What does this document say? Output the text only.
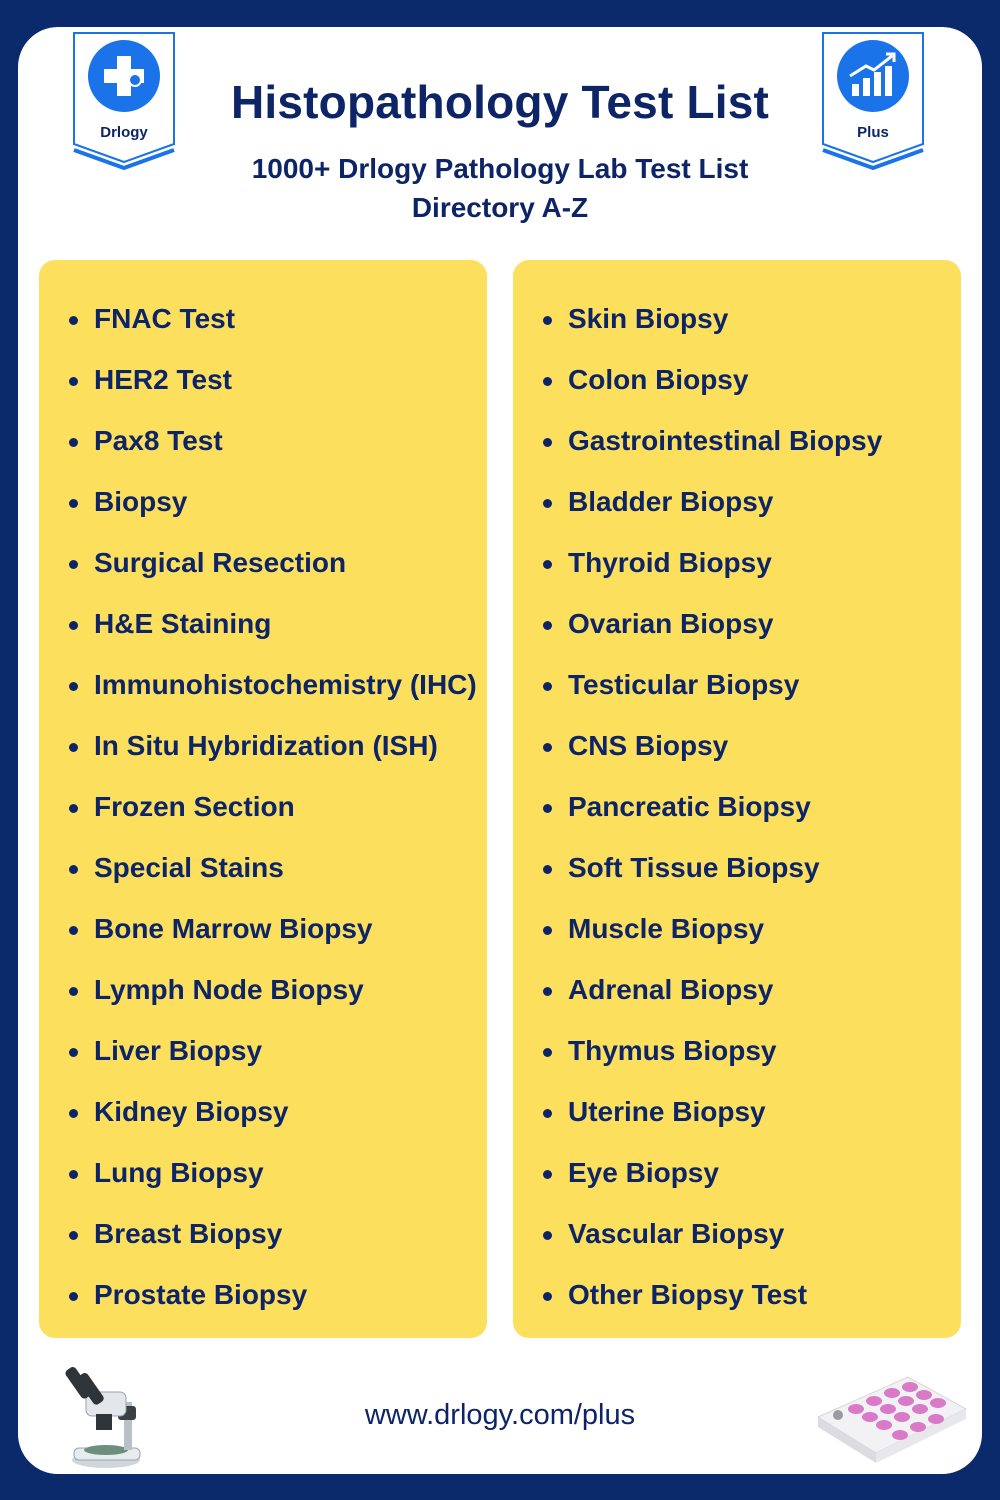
Drlogy	Plus
Histopathology Test List
1000+ Drlogy Pathology Lab Test List
Directory A-Z
FNAC Test
HER2 Test
Pax8 Test
Biopsy
Surgical Resection
H&E Staining
Immunohistochemistry (IHC)
In Situ Hybridization (ISH)
Frozen Section
Special Stains
Bone Marrow Biopsy
Lymph Node Biopsy
Liver Biopsy
Kidney Biopsy
Lung Biopsy
Breast Biopsy
Prostate Biopsy
Skin Biopsy
Colon Biopsy
Gastrointestinal Biopsy
Bladder Biopsy
Thyroid Biopsy
Ovarian Biopsy
Testicular Biopsy
CNS Biopsy
Pancreatic Biopsy
Soft Tissue Biopsy
Muscle Biopsy
Adrenal Biopsy
Thymus Biopsy
Uterine Biopsy
Eye Biopsy
Vascular Biopsy
Other Biopsy Test
www.drlogy.com/plus
